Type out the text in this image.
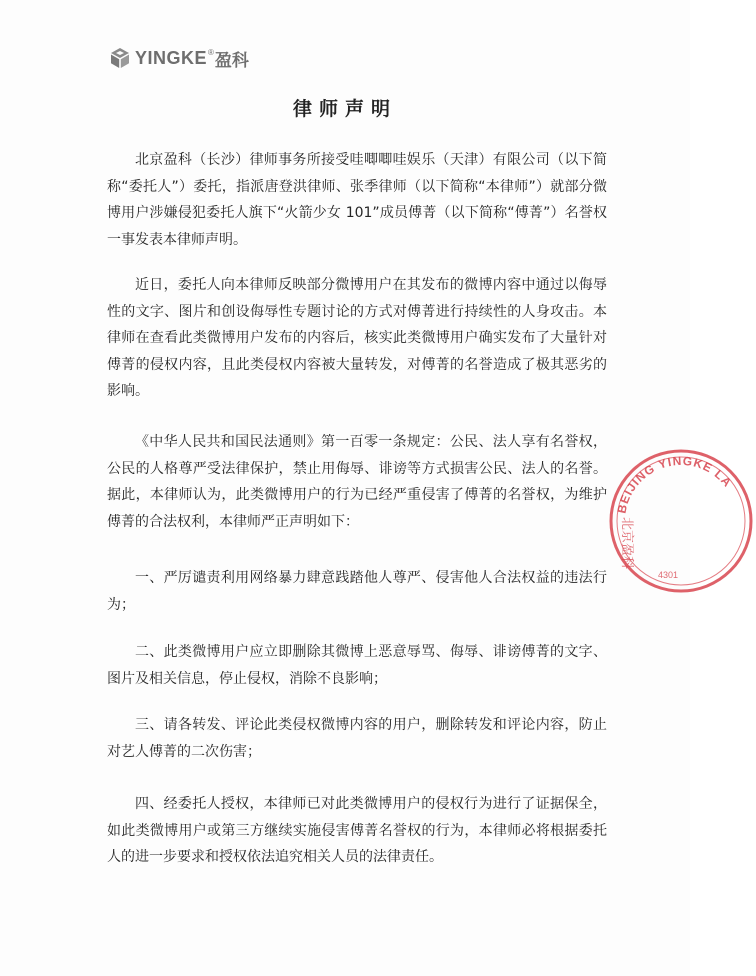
YINGKE ® 盈科
律师声明

北京盈科（长沙）律师事务所接受哇唧唧哇娱乐（天津）有限公司（以下简称“委托人”）委托，指派唐登洪律师、张季律师（以下简称“本律师”）就部分微博用户涉嫌侵犯委托人旗下“火箭少女 101”成员傅菁（以下简称“傅菁”）名誉权一事发表本律师声明。

近日，委托人向本律师反映部分微博用户在其发布的微博内容中通过以侮辱性的文字、图片和创设侮辱性专题讨论的方式对傅菁进行持续性的人身攻击。本律师在查看此类微博用户发布的内容后，核实此类微博用户确实发布了大量针对傅菁的侵权内容，且此类侵权内容被大量转发，对傅菁的名誉造成了极其恶劣的影响。

《中华人民共和国民法通则》第一百零一条规定：公民、法人享有名誉权，公民的人格尊严受法律保护，禁止用侮辱、诽谤等方式损害公民、法人的名誉。据此，本律师认为，此类微博用户的行为已经严重侵害了傅菁的名誉权，为维护傅菁的合法权利，本律师严正声明如下：

一、严厉谴责利用网络暴力肆意践踏他人尊严、侵害他人合法权益的违法行为；

二、此类微博用户应立即删除其微博上恶意辱骂、侮辱、诽谤傅菁的文字、图片及相关信息，停止侵权，消除不良影响；

三、请各转发、评论此类侵权微博内容的用户，删除转发和评论内容，防止对艺人傅菁的二次伤害；

四、经委托人授权，本律师已对此类微博用户的侵权行为进行了证据保全，如此类微博用户或第三方继续实施侵害傅菁名誉权的行为，本律师必将根据委托人的进一步要求和授权依法追究相关人员的法律责任。

BEIJING YINGKE LA
北京盈科
4301
